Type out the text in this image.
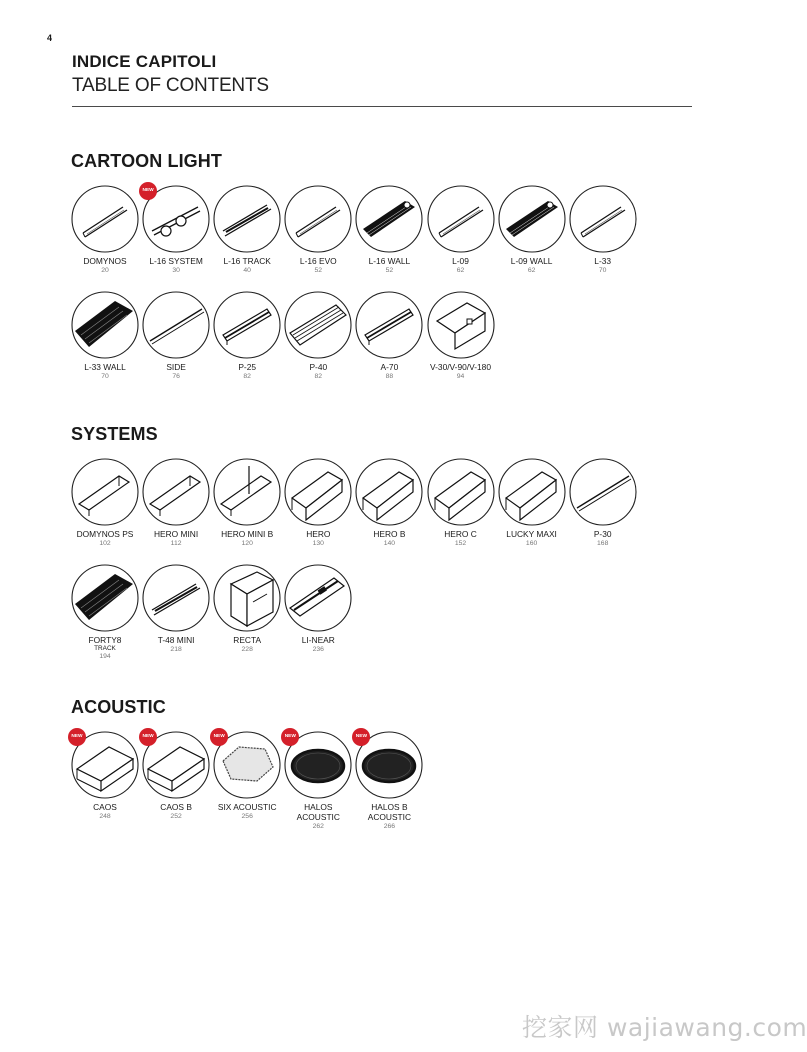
4
INDICE CAPITOLI
TABLE OF CONTENTS
CARTOON LIGHT
DOMYNOS
20
NEW
L-16 SYSTEM
30
L-16 TRACK
40
L-16 EVO
52
L-16 WALL
52
L-09
62
L-09 WALL
62
L-33
70
L-33 WALL
70
SIDE
76
P-25
82
P-40
82
A-70
88
V-30/V-90/V-180
94
SYSTEMS
DOMYNOS PS
102
HERO MINI
112
HERO MINI B
120
HERO
130
HERO B
140
HERO C
152
LUCKY MAXI
160
P-30
168
FORTY8
TRACK
194
T-48 MINI
218
RECTA
228
LI-NEAR
236
ACOUSTIC
NEW
CAOS
248
NEW
CAOS B
252
NEW
SIX ACOUSTIC
256
NEW
HALOS
ACOUSTIC
262
NEW
HALOS B
ACOUSTIC
266
挖家网 wajiawang.com
